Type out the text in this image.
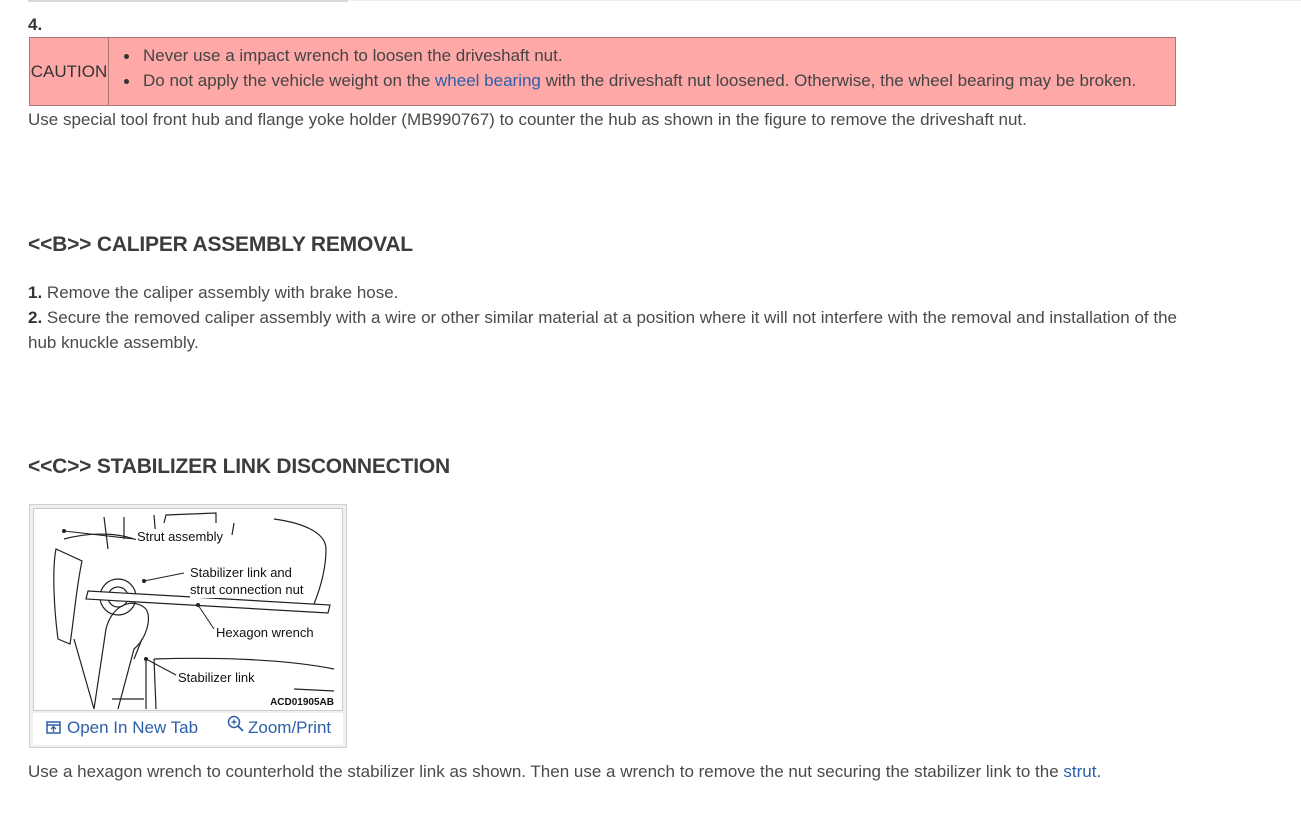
4.
CAUTION
Never use a impact wrench to loosen the driveshaft nut.
Do not apply the vehicle weight on the wheel bearing with the driveshaft nut loosened. Otherwise, the wheel bearing may be broken.
Use special tool front hub and flange yoke holder (MB990767) to counter the hub as shown in the figure to remove the driveshaft nut.
<<B>> CALIPER ASSEMBLY REMOVAL
1. Remove the caliper assembly with brake hose.
2. Secure the removed caliper assembly with a wire or other similar material at a position where it will not interfere with the removal and installation of the
hub knuckle assembly.
<<C>> STABILIZER LINK DISCONNECTION
Strut assembly
Stabilizer link and
strut connection nut
Hexagon wrench
Stabilizer link
ACD01905AB
Open In New Tab	Zoom/Print
Use a hexagon wrench to counterhold the stabilizer link as shown. Then use a wrench to remove the nut securing the stabilizer link to the strut.
